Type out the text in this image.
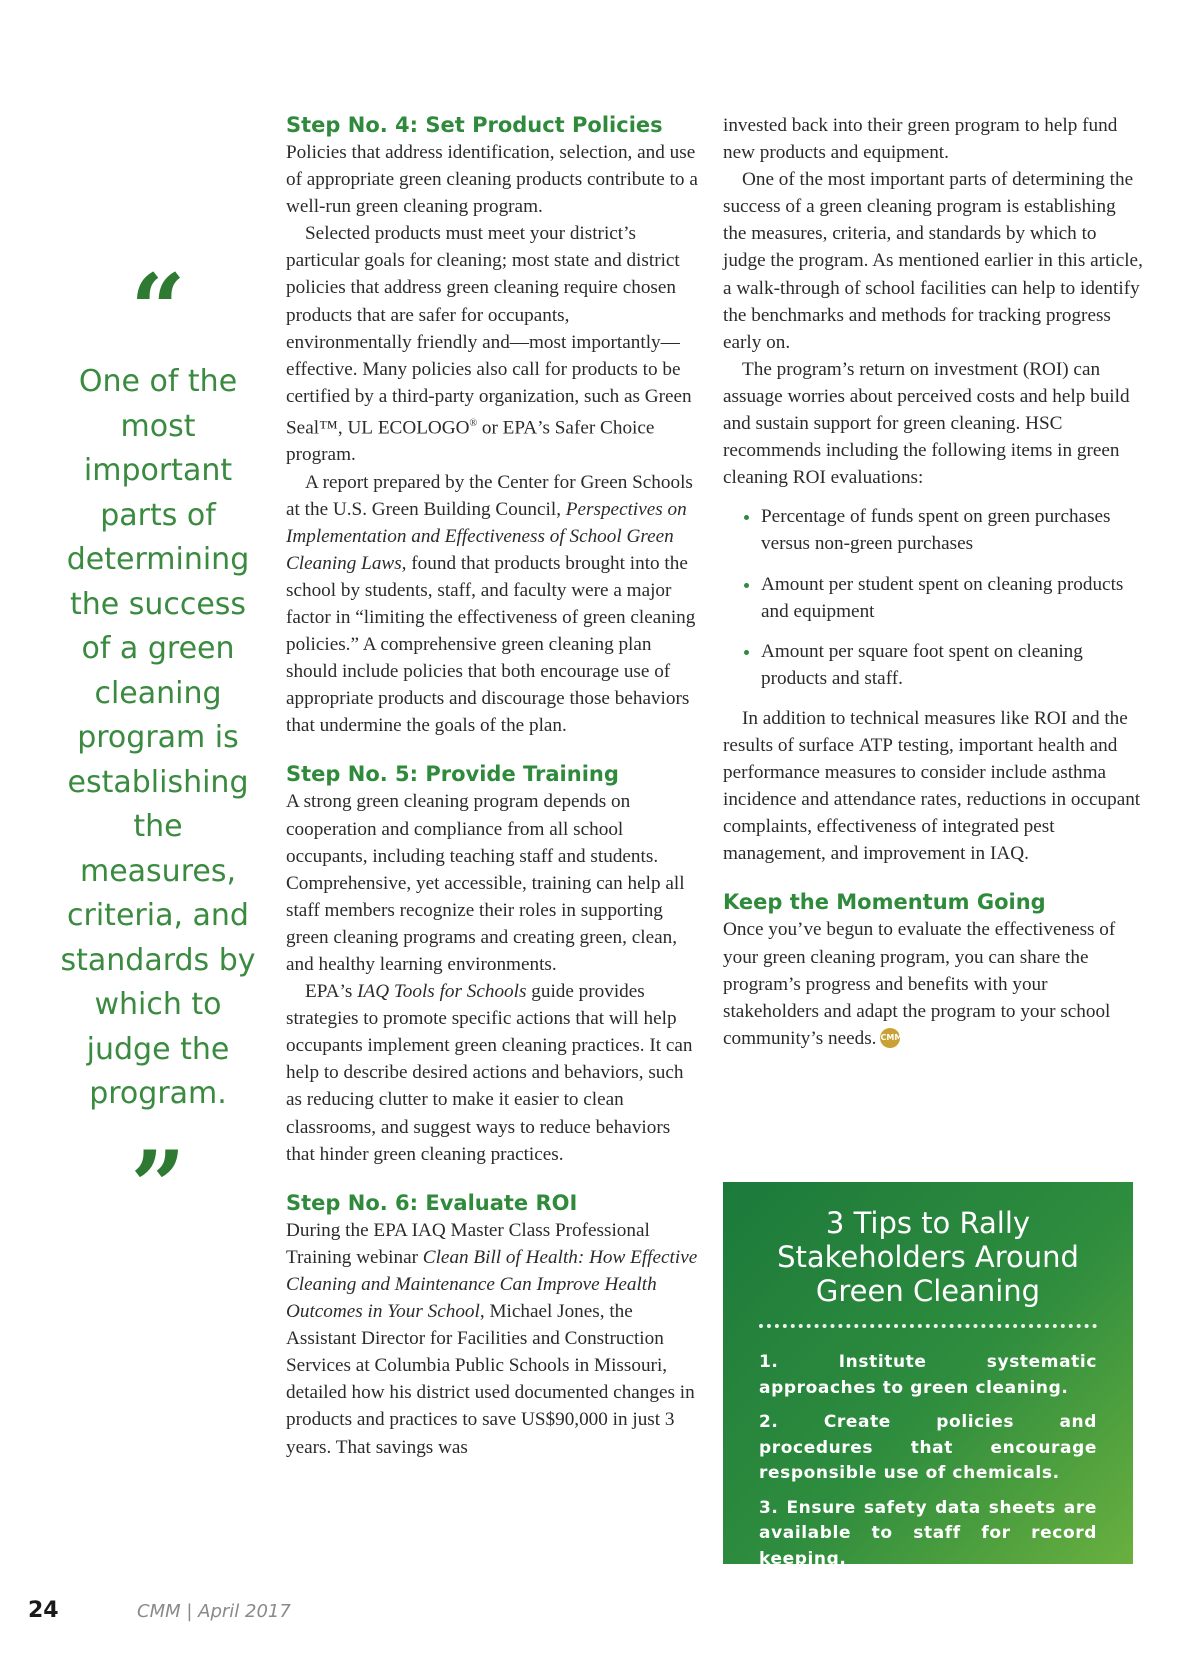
“
One of the most important parts of determining the success of a green cleaning program is establishing the measures, criteria, and standards by which to judge the program.
”
Step No. 4: Set Product Policies

Policies that address identification, selection, and use of appropriate green cleaning products contribute to a well-run green cleaning program.

Selected products must meet your district’s particular goals for cleaning; most state and district policies that address green cleaning require chosen products that are safer for occupants, environmentally friendly and—most importantly—effective. Many policies also call for products to be certified by a third-party organization, such as Green Seal™, UL ECOLOGO® or EPA’s Safer Choice program.

A report prepared by the Center for Green Schools at the U.S. Green Building Council, Perspectives on Implementation and Effectiveness of School Green Cleaning Laws, found that products brought into the school by students, staff, and faculty were a major factor in “limiting the effectiveness of green cleaning policies.” A comprehensive green cleaning plan should include policies that both encourage use of appropriate products and discourage those behaviors that undermine the goals of the plan.

Step No. 5: Provide Training

A strong green cleaning program depends on cooperation and compliance from all school occupants, including teaching staff and students. Comprehensive, yet accessible, training can help all staff members recognize their roles in supporting green cleaning programs and creating green, clean, and healthy learning environments.

EPA’s IAQ Tools for Schools guide provides strategies to promote specific actions that will help occupants implement green cleaning practices. It can help to describe desired actions and behaviors, such as reducing clutter to make it easier to clean classrooms, and suggest ways to reduce behaviors that hinder green cleaning practices.

Step No. 6: Evaluate ROI

During the EPA IAQ Master Class Professional Training webinar Clean Bill of Health: How Effective Cleaning and Maintenance Can Improve Health Outcomes in Your School, Michael Jones, the Assistant Director for Facilities and Construction Services at Columbia Public Schools in Missouri, detailed how his district used documented changes in products and practices to save US$90,000 in just 3 years. That savings was

invested back into their green program to help fund new products and equipment.

One of the most important parts of determining the success of a green cleaning program is establishing the measures, criteria, and standards by which to judge the program. As mentioned earlier in this article, a walk-through of school facilities can help to identify the benchmarks and methods for tracking progress early on.

The program’s return on investment (ROI) can assuage worries about perceived costs and help build and sustain support for green cleaning. HSC recommends including the following items in green cleaning ROI evaluations:

• Percentage of funds spent on green purchases versus non-green purchases
• Amount per student spent on cleaning products and equipment
• Amount per square foot spent on cleaning products and staff.

In addition to technical measures like ROI and the results of surface ATP testing, important health and performance measures to consider include asthma incidence and attendance rates, reductions in occupant complaints, effectiveness of integrated pest management, and improvement in IAQ.

Keep the Momentum Going

Once you’ve begun to evaluate the effectiveness of your green cleaning program, you can share the program’s progress and benefits with your stakeholders and adapt the program to your school community’s needs. CMM

3 Tips to Rally Stakeholders Around Green Cleaning

1. Institute systematic approaches to green cleaning.

2. Create policies and procedures that encourage responsible use of chemicals.

3. Ensure safety data sheets are available to staff for record keeping.

24	CMM | April 2017
